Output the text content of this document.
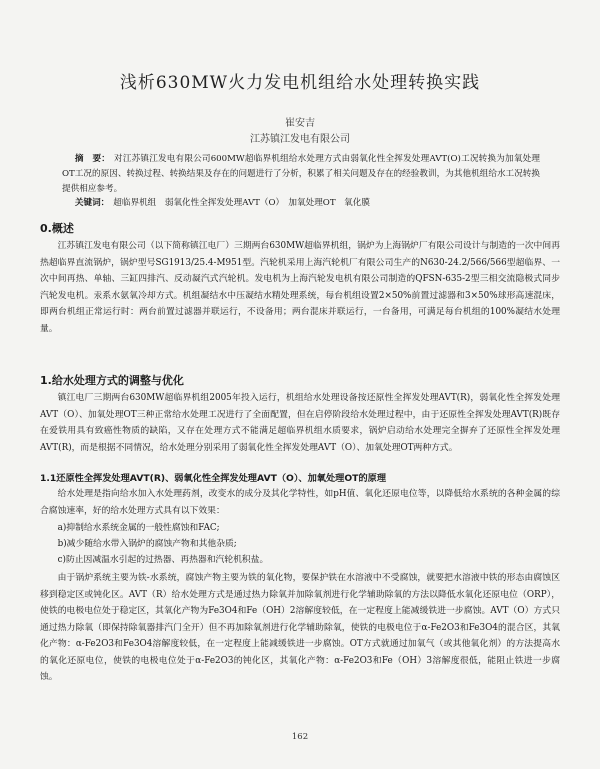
浅析630MW火力发电机组给水处理转换实践
崔安吉
江苏镇江发电有限公司

摘　要： 对江苏镇江发电有限公司600MW超临界机组给水处理方式由弱氧化性全挥发处理AVT(O)工况转换为加氧处理OT工况的原因、转换过程、转换结果及存在的问题进行了分析，积累了相关问题及存在的经验教训，为其他机组给水工况转换提供相应参考。

关键词： 超临界机组　弱氧化性全挥发处理AVT（O）　加氧处理OT　氧化膜

0.概述

江苏镇江发电有限公司（以下简称镇江电厂）三期两台630MW超临界机组，锅炉为上海锅炉厂有限公司设计与制造的一次中间再热超临界直流锅炉，锅炉型号SG1913/25.4-M951型。汽轮机采用上海汽轮机厂有限公司生产的N630-24.2/566/566型超临界、一次中间再热、单轴、三缸四排汽、反动凝汽式汽轮机。发电机为上海汽轮发电机有限公司制造的QFSN-635-2型三相交流隐极式同步汽轮发电机。汞系水氨氧冷却方式。机组凝结水中压凝结水精处理系统，每台机组设置2×50%前置过滤器和3×50%球形高速混床，即两台机组正常运行时：两台前置过滤器并联运行，不设备用；两台混床并联运行，一台备用，可满足每台机组的100%凝结水处理量。

1.给水处理方式的调整与优化

镇江电厂三期两台630MW超临界机组2005年投入运行，机组给水处理设备按还原性全挥发处理AVT(R)，弱氧化性全挥发处理AVT（O）、加氧处理OT三种正常给水处理工况进行了全面配置，但在启停阶段给水处理过程中，由于还原性全挥发处理AVT(R)既存在爱铁用具有致癌性物质的缺陷，又存在处理方式不能满足超临界机组水质要求，锅炉启动给水处理完全摒弃了还原性全挥发处理AVT(R)，而是根据不同情况，给水处理分别采用了弱氧化性全挥发处理AVT（O）、加氧处理OT两种方式。

1.1还原性全挥发处理AVT(R)、弱氧化性全挥发处理AVT（O）、加氧处理OT的原理

给水处理是指向给水加入水处理药剂，改变水的成分及其化学特性，如pH值、氧化还原电位等，以降低给水系统的各种金属的综合腐蚀速率，好的给水处理方式具有以下效果：

a)抑制给水系统金属的一般性腐蚀和FAC;
b)减少随给水带入锅炉的腐蚀产物和其他杂质;
c)防止因减温水引起的过热器、再热器和汽轮机积盐。

由于锅炉系统主要为铁-水系统，腐蚀产物主要为铁的氧化物，要保护铁在水溶液中不受腐蚀，就要把水溶液中铁的形态由腐蚀区移到稳定区或钝化区。AVT（R）给水处理方式是通过热力除氧并加除氧剂进行化学辅助除氧的方法以降低水氧化还原电位（ORP），使铁的电极电位处于稳定区，其氧化产物为Fe3O4和Fe（OH）2溶解度较低，在一定程度上能减缓铁进一步腐蚀。AVT（O）方式只通过热力除氧（即保持除氧器排汽门全开）但不再加除氧剂进行化学辅助除氧，使铁的电极电位于α-Fe2O3和Fe3O4的混合区，其氧化产物：α-Fe2O3和Fe3O4溶解度较低，在一定程度上能减缓铁进一步腐蚀。OT方式就通过加氧气（或其他氧化剂）的方法提高水的氧化还原电位，使铁的电极电位处于α-Fe2O3的钝化区，其氧化产物：α-Fe2O3和Fe（OH）3溶解度很低，能阻止铁进一步腐蚀。

162
